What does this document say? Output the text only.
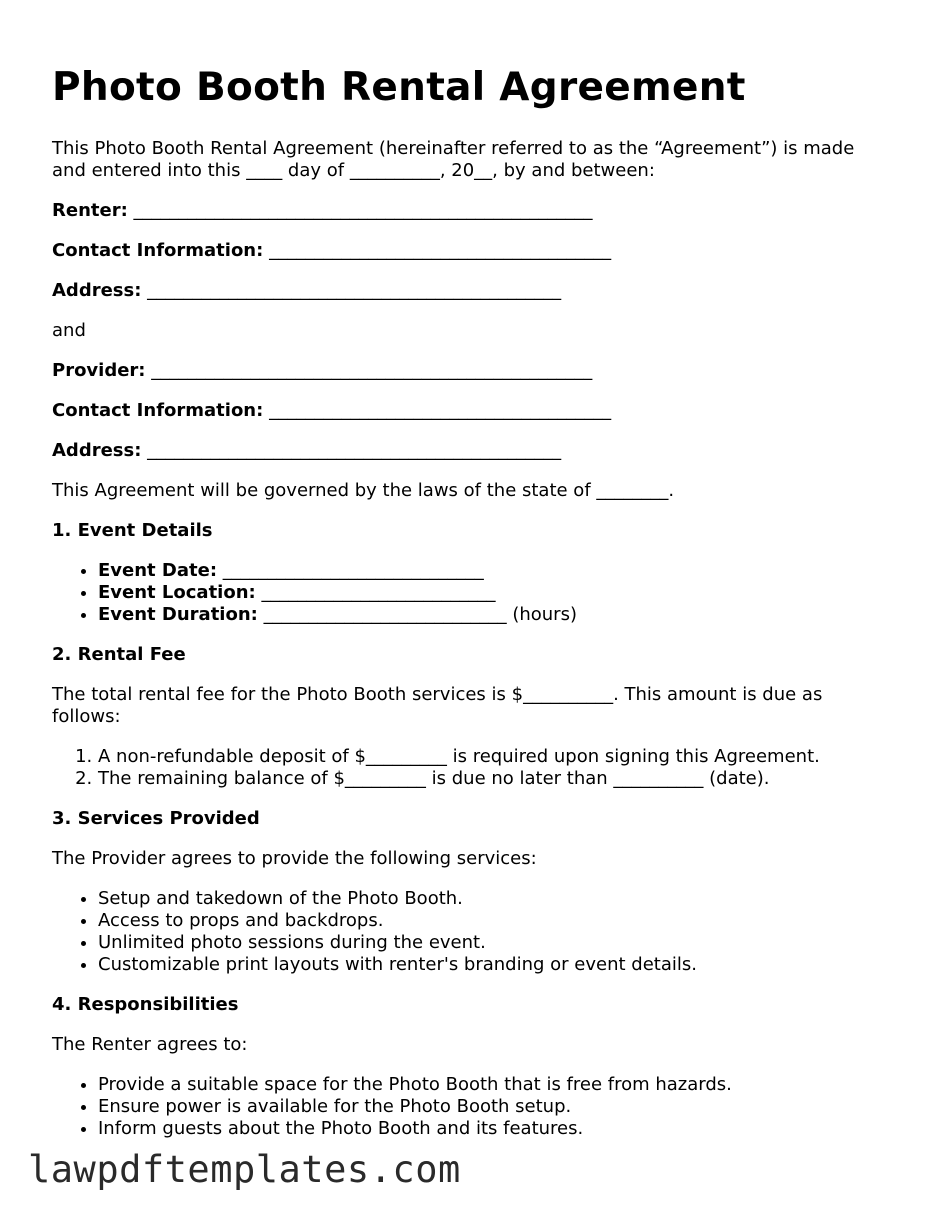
Photo Booth Rental Agreement

This Photo Booth Rental Agreement (hereinafter referred to as the “Agreement”) is made and entered into this ____ day of __________, 20__, by and between:

Renter: ___________________________________________________
Contact Information: ______________________________________
Address: ______________________________________________

and

Provider: _________________________________________________
Contact Information: ______________________________________
Address: ______________________________________________

This Agreement will be governed by the laws of the state of ________.

1. Event Details
• Event Date: _____________________________
• Event Location: __________________________
• Event Duration: ___________________________ (hours)
2. Rental Fee

The total rental fee for the Photo Booth services is $__________. This amount is due as follows:

1. A non-refundable deposit of $_________ is required upon signing this Agreement.
2. The remaining balance of $_________ is due no later than __________ (date).
3. Services Provided

The Provider agrees to provide the following services:

• Setup and takedown of the Photo Booth.
• Access to props and backdrops.
• Unlimited photo sessions during the event.
• Customizable print layouts with renter's branding or event details.
4. Responsibilities

The Renter agrees to:

• Provide a suitable space for the Photo Booth that is free from hazards.
• Ensure power is available for the Photo Booth setup.
• Inform guests about the Photo Booth and its features.
lawpdftemplates.com
